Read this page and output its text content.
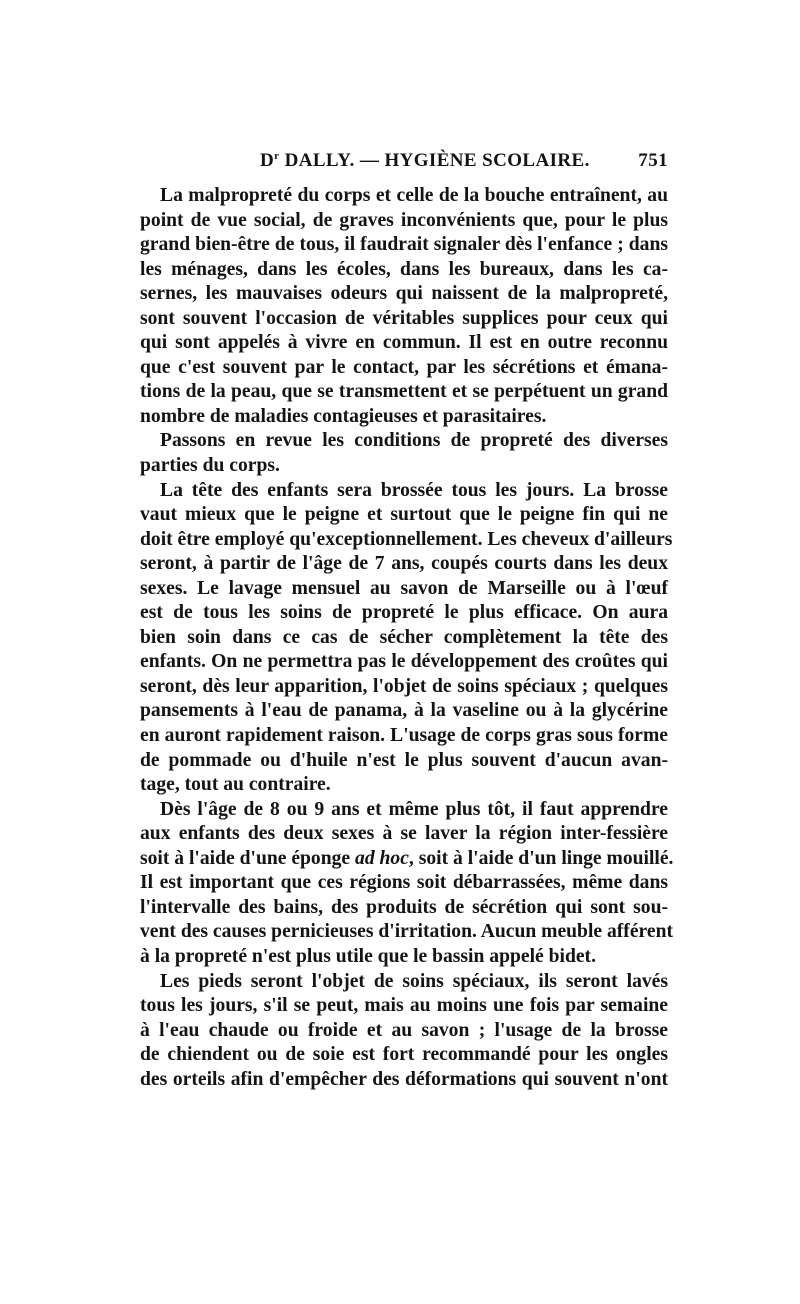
$D^r$ DALLY. — HYGIÈNE SCOLAIRE.	751

La malpropreté du corps et celle de la bouche entraînent, au
point de vue social, de graves inconvénients que, pour le plus
grand bien-être de tous, il faudrait signaler dès l'enfance ; dans
les ménages, dans les écoles, dans les bureaux, dans les ca-
sernes, les mauvaises odeurs qui naissent de la malpropreté,
sont souvent l'occasion de véritables supplices pour ceux qui
qui sont appelés à vivre en commun. Il est en outre reconnu
que c'est souvent par le contact, par les sécrétions et émana-
tions de la peau, que se transmettent et se perpétuent un grand
nombre de maladies contagieuses et parasitaires.

Passons en revue les conditions de propreté des diverses
parties du corps.

La tête des enfants sera brossée tous les jours. La brosse
vaut mieux que le peigne et surtout que le peigne fin qui ne
doit être employé qu'exceptionnellement. Les cheveux d'ailleurs
seront, à partir de l'âge de 7 ans, coupés courts dans les deux
sexes. Le lavage mensuel au savon de Marseille ou à l'œuf
est de tous les soins de propreté le plus efficace. On aura
bien soin dans ce cas de sécher complètement la tête des
enfants. On ne permettra pas le développement des croûtes qui
seront, dès leur apparition, l'objet de soins spéciaux ; quelques
pansements à l'eau de panama, à la vaseline ou à la glycérine
en auront rapidement raison. L'usage de corps gras sous forme
de pommade ou d'huile n'est le plus souvent d'aucun avan-
tage, tout au contraire.

Dès l'âge de 8 ou 9 ans et même plus tôt, il faut apprendre
aux enfants des deux sexes à se laver la région inter-fessière
soit à l'aide d'une éponge ad hoc, soit à l'aide d'un linge mouillé.
Il est important que ces régions soit débarrassées, même dans
l'intervalle des bains, des produits de sécrétion qui sont sou-
vent des causes pernicieuses d'irritation. Aucun meuble afférent
à la propreté n'est plus utile que le bassin appelé bidet.

Les pieds seront l'objet de soins spéciaux, ils seront lavés
tous les jours, s'il se peut, mais au moins une fois par semaine
à l'eau chaude ou froide et au savon ; l'usage de la brosse
de chiendent ou de soie est fort recommandé pour les ongles
des orteils afin d'empêcher des déformations qui souvent n'ont
